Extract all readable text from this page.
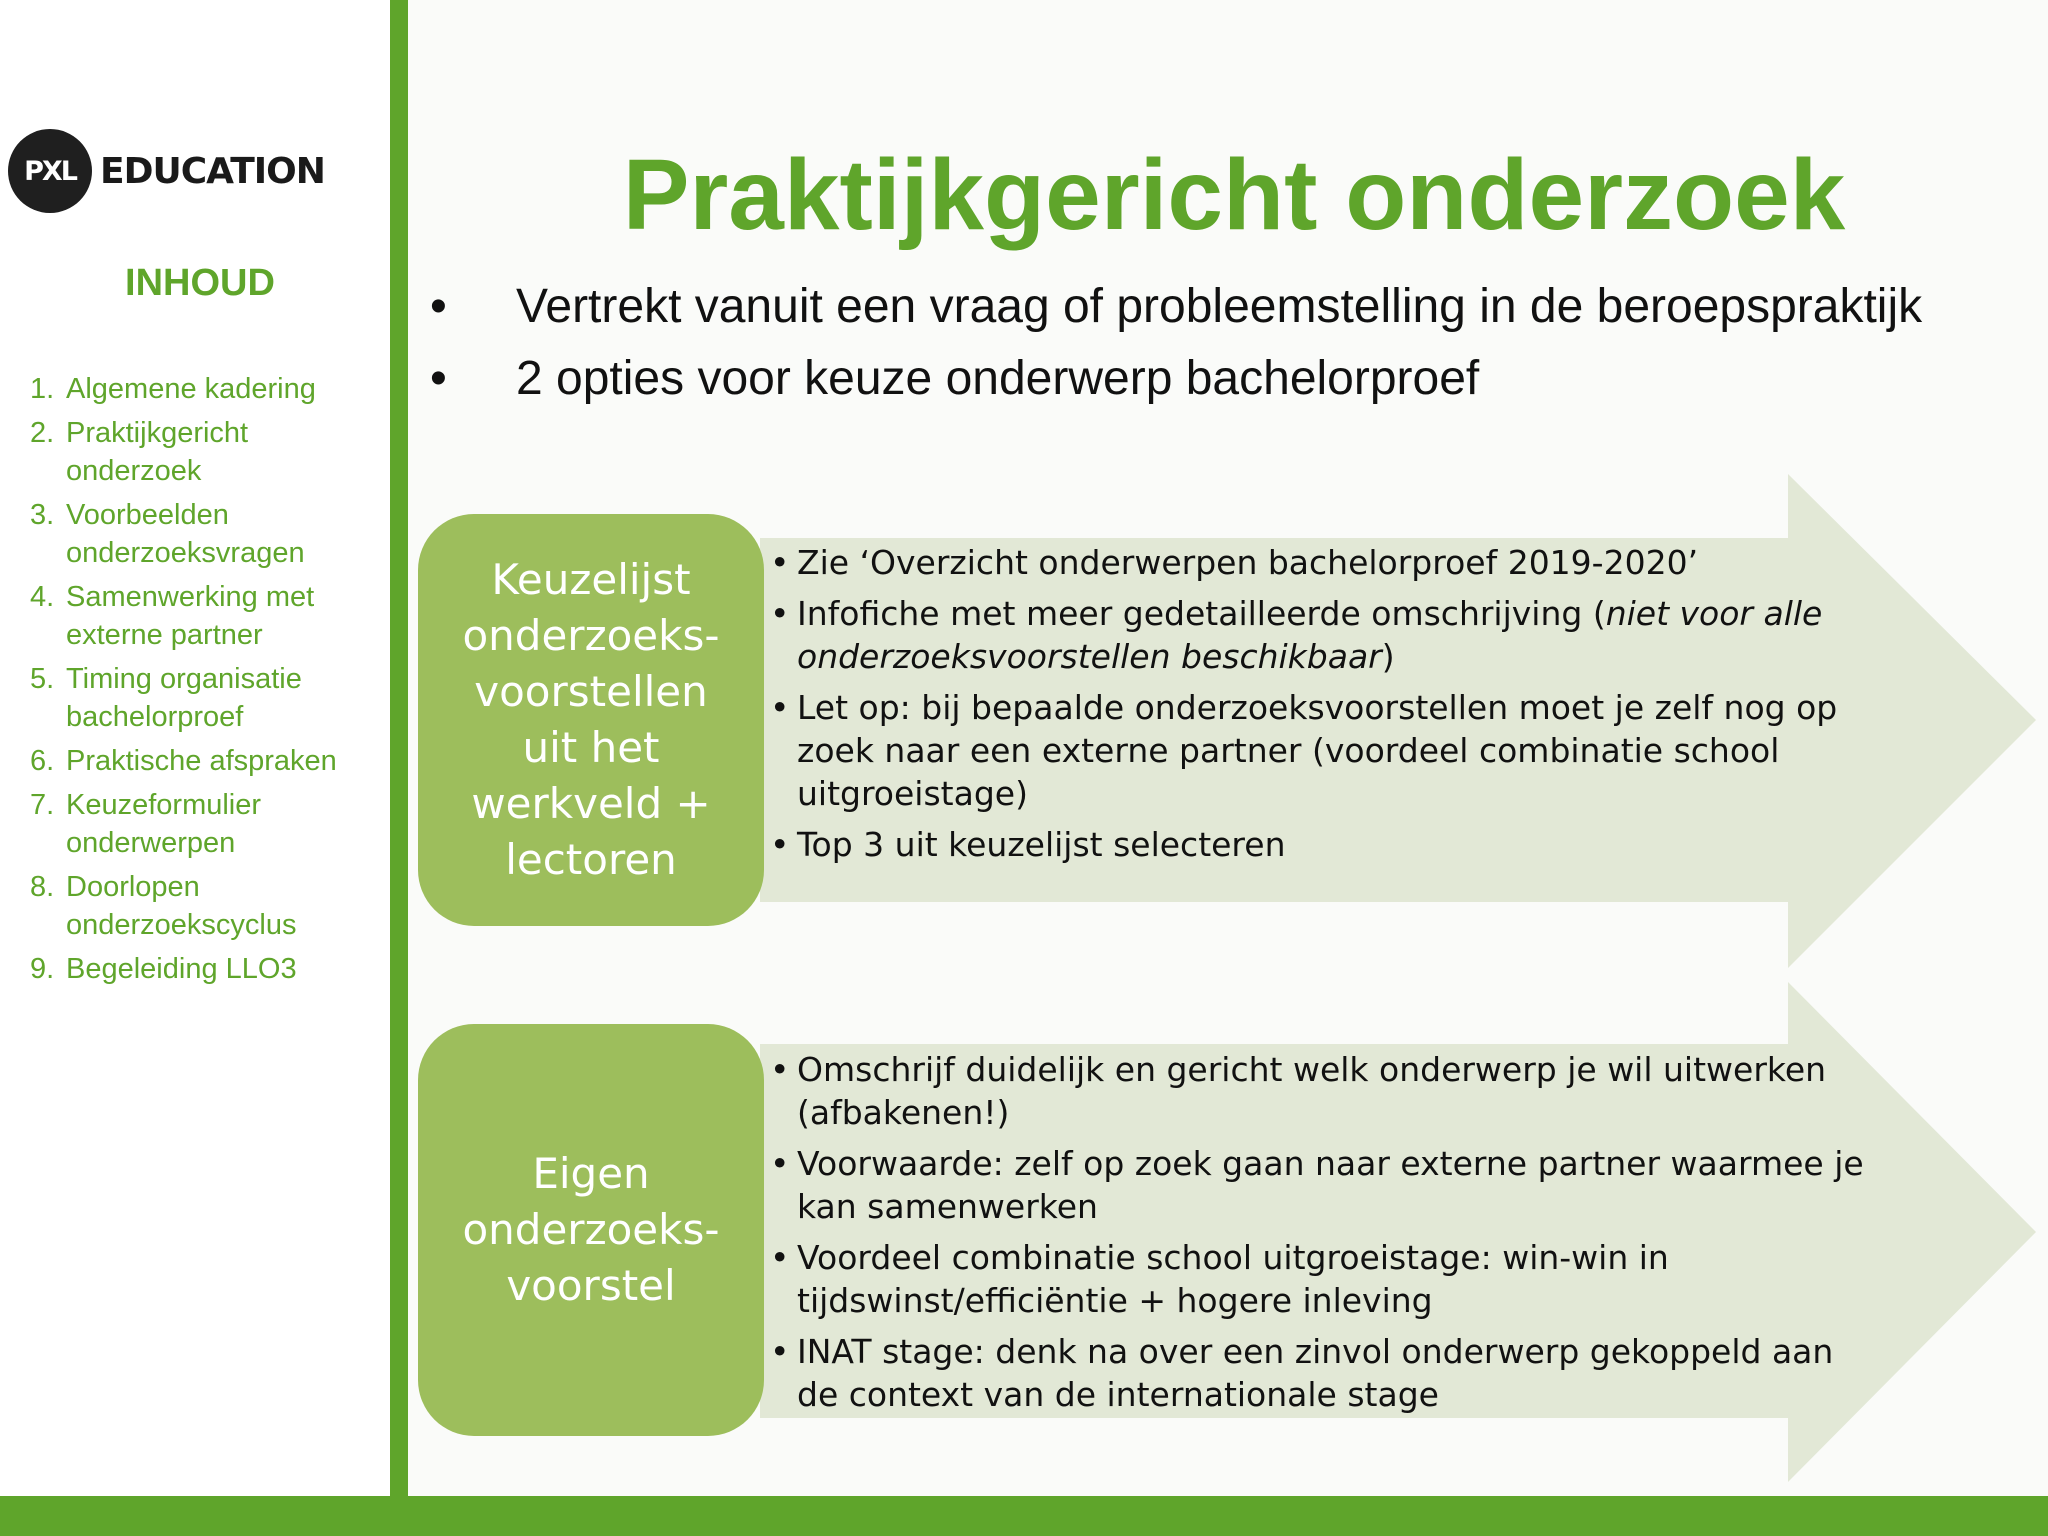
PXL EDUCATION
INHOUD
1. Algemene kadering
2. Praktijkgericht onderzoek
3. Voorbeelden onderzoeksvragen
4. Samenwerking met externe partner
5. Timing organisatie bachelorproef
6. Praktische afspraken
7. Keuzeformulier onderwerpen
8. Doorlopen onderzoekscyclus
9. Begeleiding LLO3
Praktijkgericht onderzoek
• Vertrekt vanuit een vraag of probleemstelling in de beroepspraktijk
• 2 opties voor keuze onderwerp bachelorproef
Keuzelijst
onderzoeks-
voorstellen
uit het
werkveld +
lectoren
• Zie ‘Overzicht onderwerpen bachelorproef 2019-2020’
• Infofiche met meer gedetailleerde omschrijving (niet voor alle onderzoeksvoorstellen beschikbaar)
• Let op: bij bepaalde onderzoeksvoorstellen moet je zelf nog op zoek naar een externe partner (voordeel combinatie school uitgroeistage)
• Top 3 uit keuzelijst selecteren
Eigen
onderzoeks-
voorstel
• Omschrijf duidelijk en gericht welk onderwerp je wil uitwerken (afbakenen!)
• Voorwaarde: zelf op zoek gaan naar externe partner waarmee je kan samenwerken
• Voordeel combinatie school uitgroeistage: win-win in tijdswinst/efficiëntie + hogere inleving
• INAT stage: denk na over een zinvol onderwerp gekoppeld aan de context van de internationale stage
